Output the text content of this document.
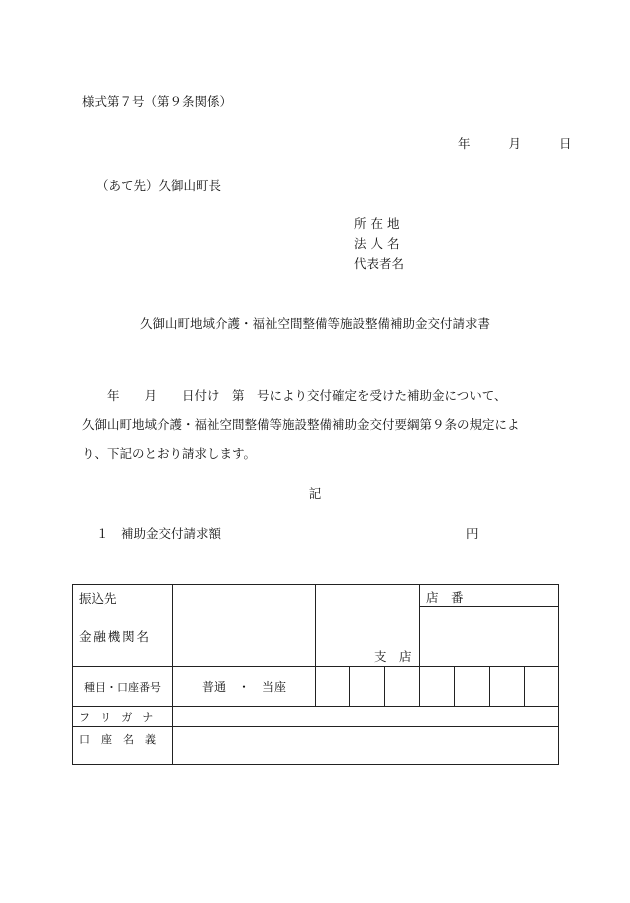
様式第７号（第９条関係）
年	月	日
（あて先）久御山町長
所 在 地
法 人 名
代表者名
久御山町地域介護・福祉空間整備等施設整備補助金交付請求書

　　年　　月　　日付け　第　号により交付確定を受けた補助金について、

久御山町地域介護・福祉空間整備等施設整備補助金交付要綱第９条の規定によ

り、下記のとおり請求します。

記
１　補助金交付請求額	円
振込先
金融機関名		支　店			店　番			

種目・口座番号	普通　・　当座							
フ リ ガ ナ								
口　座　名　義								
